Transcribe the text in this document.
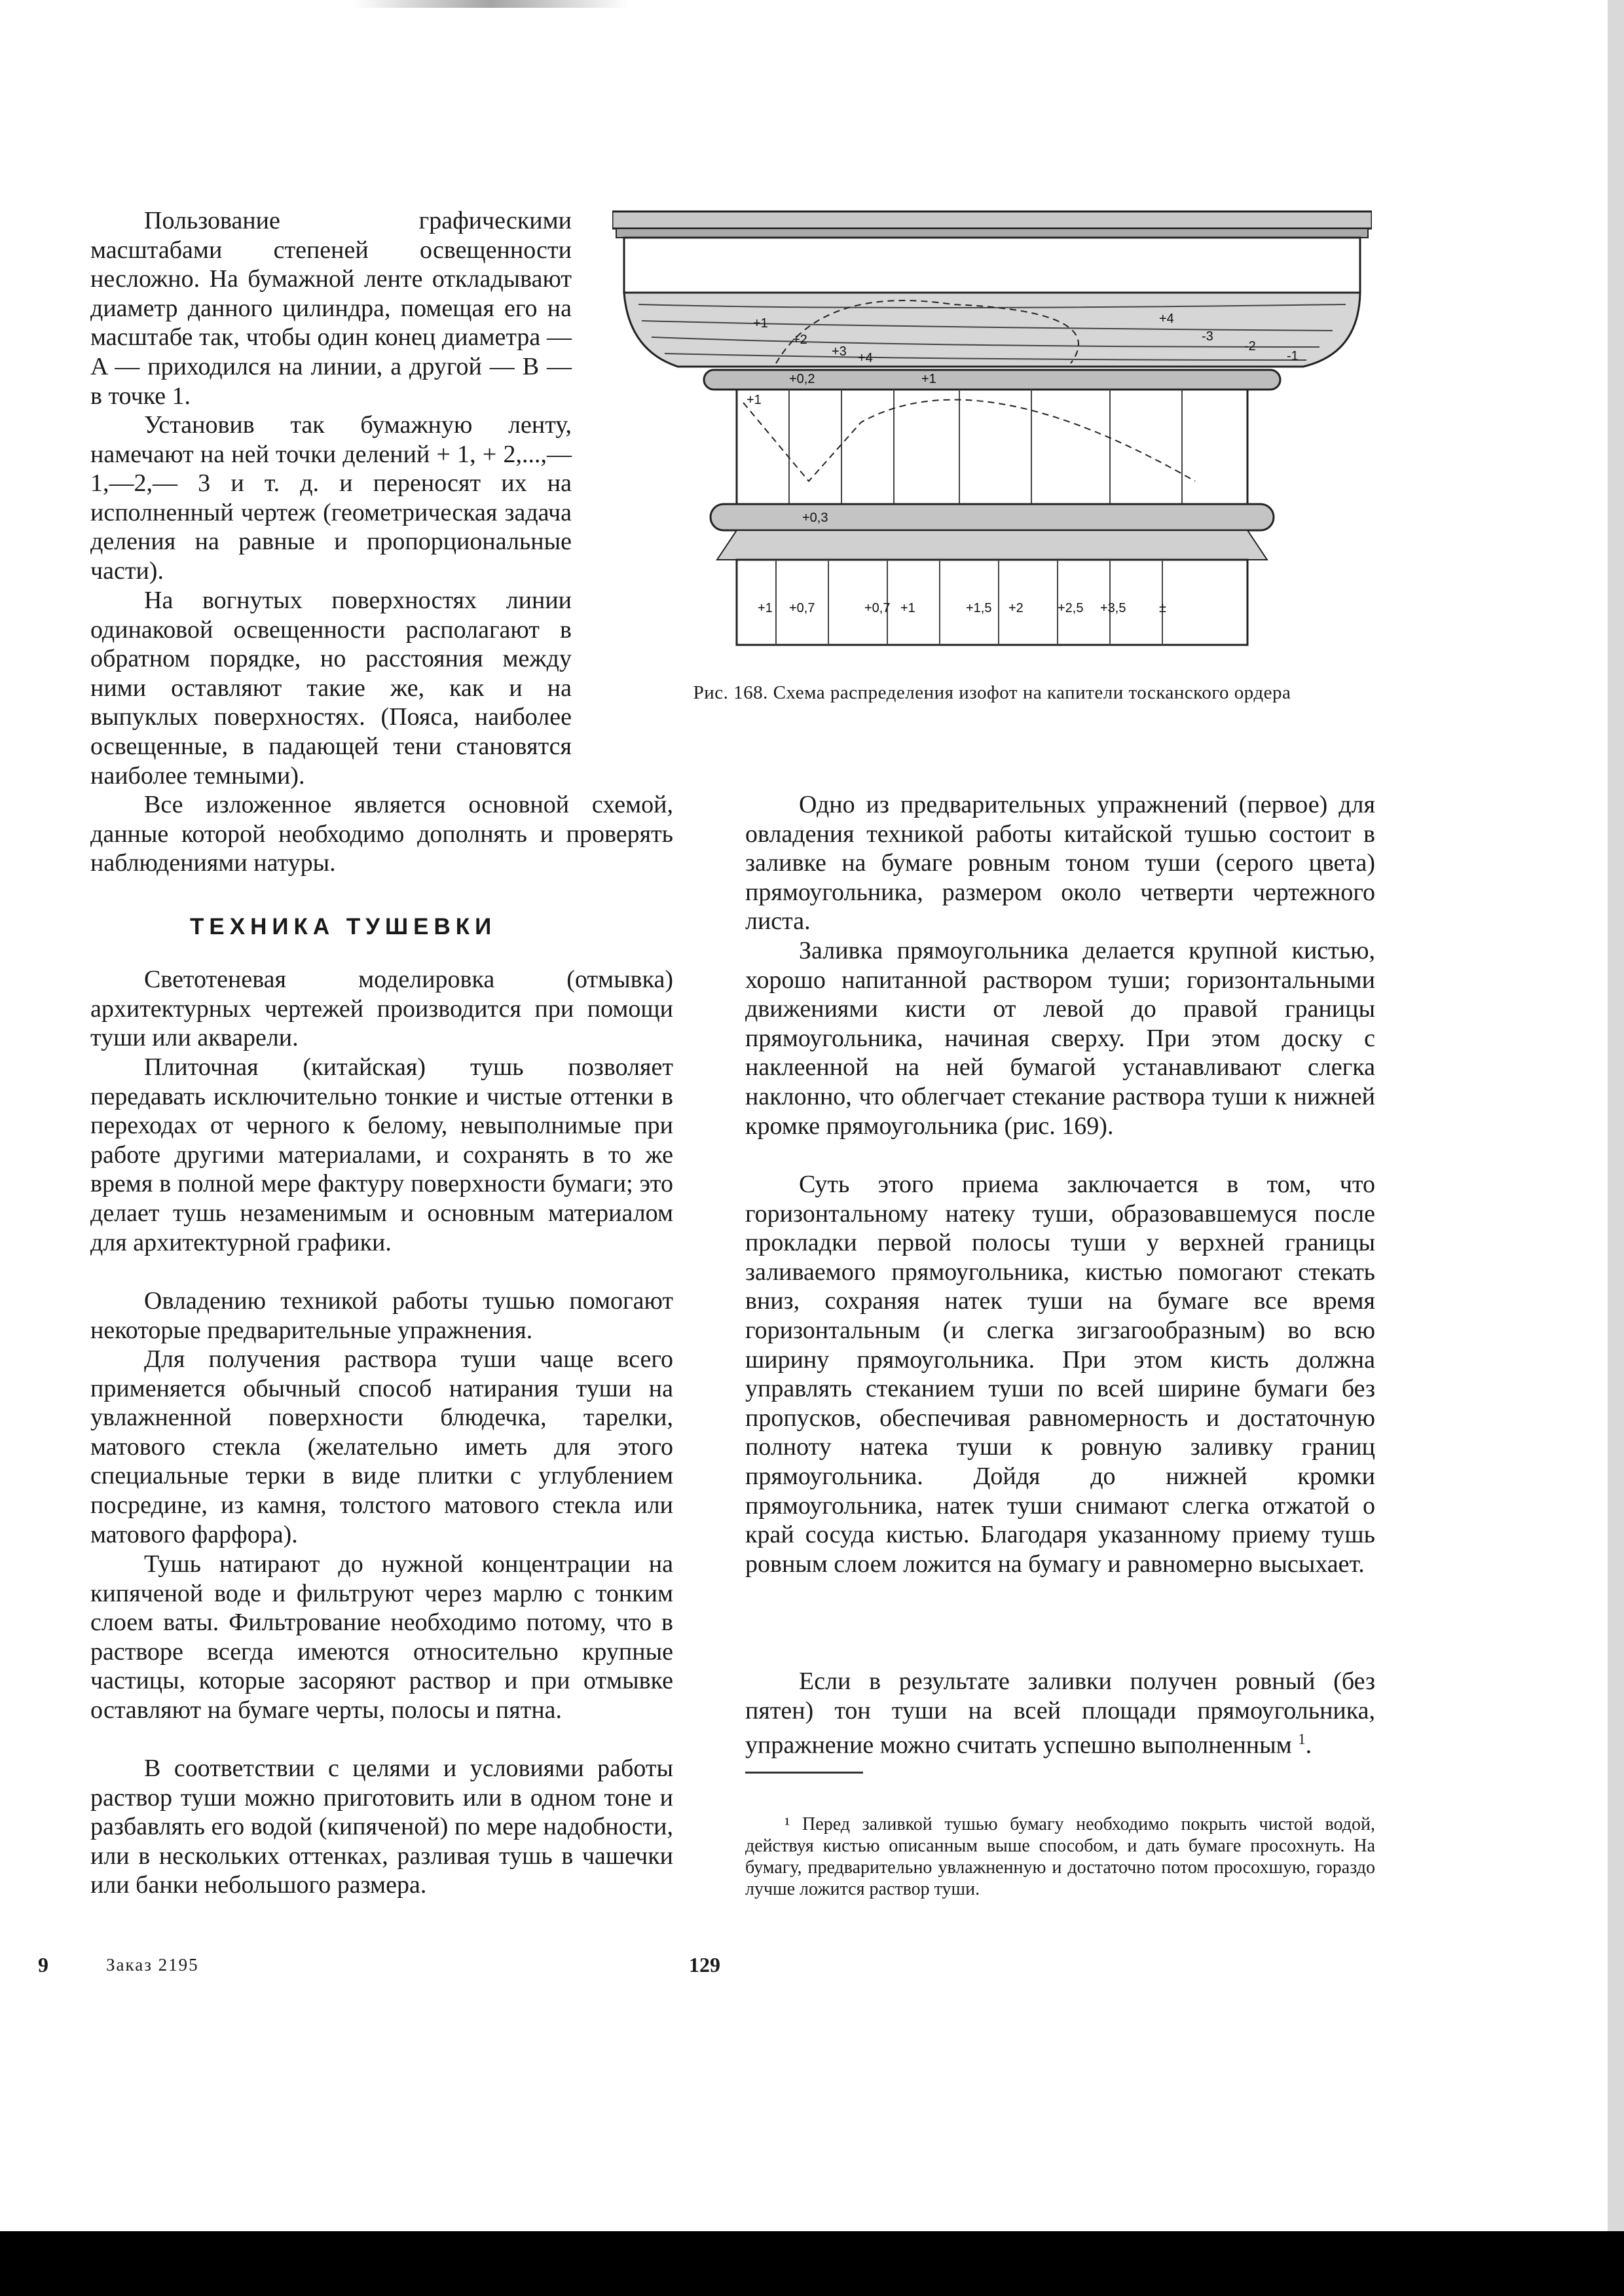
Пользование графическими масштабами степеней освещенности несложно. На бумажной ленте откладывают диаметр данного цилиндра, помещая его на масштабе так, чтобы один конец диаметра — A — приходился на линии, а другой — B — в точке 1.

Установив так бумажную ленту, намечают на ней точки делений + 1, + 2,...,— 1,—2,— 3 и т. д. и переносят их на исполненный чертеж (геометрическая задача деления на равные и пропорциональные части).

На вогнутых поверхностях линии одинаковой освещенности располагают в обратном порядке, но расстояния между ними оставляют такие же, как и на выпуклых поверхностях. (Пояса, наиболее освещенные, в падающей тени становятся наиболее темными).

Все изложенное является основной схемой, данные которой необходимо дополнять и проверять наблюдениями натуры.

ТЕХНИКА ТУШЕВКИ

Светотеневая моделировка (отмывка) архитектурных чертежей производится при помощи туши или акварели.

Плиточная (китайская) тушь позволяет передавать исключительно тонкие и чистые оттенки в переходах от черного к белому, невыполнимые при работе другими материалами, и сохранять в то же время в полной мере фактуру поверхности бумаги; это делает тушь незаменимым и основным материалом для архитектурной графики.

Овладению техникой работы тушью помогают некоторые предварительные упражнения.

Для получения раствора туши чаще всего применяется обычный способ натирания туши на увлажненной поверхности блюдечка, тарелки, матового стекла (желательно иметь для этого специальные терки в виде плитки с углублением посредине, из камня, толстого матового стекла или матового фарфора).

Тушь натирают до нужной концентрации на кипяченой воде и фильтруют через марлю с тонким слоем ваты. Фильтрование необходимо потому, что в растворе всегда имеются относительно крупные частицы, которые засоряют раствор и при отмывке оставляют на бумаге черты, полосы и пятна.

В соответствии с целями и условиями работы раствор туши можно приготовить или в одном тоне и разбавлять его водой (кипяченой) по мере надобности, или в нескольких оттенках, разливая тушь в чашечки или банки небольшого размера.

+1
+2
+3 +4
+0,2	+1
+4
-3
-2
-1
+1
+0,3
+1 +0,7	+0,7 +1	+1,5 +2	+2,5 +3,5	±
Рис. 168. Схема распределения изофот на капители тосканского ордера

Одно из предварительных упражнений (первое) для овладения техникой работы китайской тушью состоит в заливке на бумаге ровным тоном туши (серого цвета) прямоугольника, размером около четверти чертежного листа.

Заливка прямоугольника делается крупной кистью, хорошо напитанной раствором туши; горизонтальными движениями кисти от левой до правой границы прямоугольника, начиная сверху. При этом доску с наклеенной на ней бумагой устанавливают слегка наклонно, что облегчает стекание раствора туши к нижней кромке прямоугольника (рис. 169).

Суть этого приема заключается в том, что горизонтальному натеку туши, образовавшемуся после прокладки первой полосы туши у верхней границы заливаемого прямоугольника, кистью помогают стекать вниз, сохраняя натек туши на бумаге все время горизонтальным (и слегка зигзагообразным) во всю ширину прямоугольника. При этом кисть должна управлять стеканием туши по всей ширине бумаги без пропусков, обеспечивая равномерность и достаточную полноту натека туши к ровную заливку границ прямоугольника. Дойдя до нижней кромки прямоугольника, натек туши снимают слегка отжатой о край сосуда кистью. Благодаря указанному приему тушь ровным слоем ложится на бумагу и равномерно высыхает.

Если в результате заливки получен ровный (без пятен) тон туши на всей площади прямоугольника, упражнение можно считать успешно выполненным $^1$.

¹ Перед заливкой тушью бумагу необходимо покрыть чистой водой, действуя кистью описанным выше способом, и дать бумаге просохнуть. На бумагу, предварительно увлажненную и достаточно потом просохшую, гораздо лучше ложится раствор туши.

9	Заказ 2195	129
